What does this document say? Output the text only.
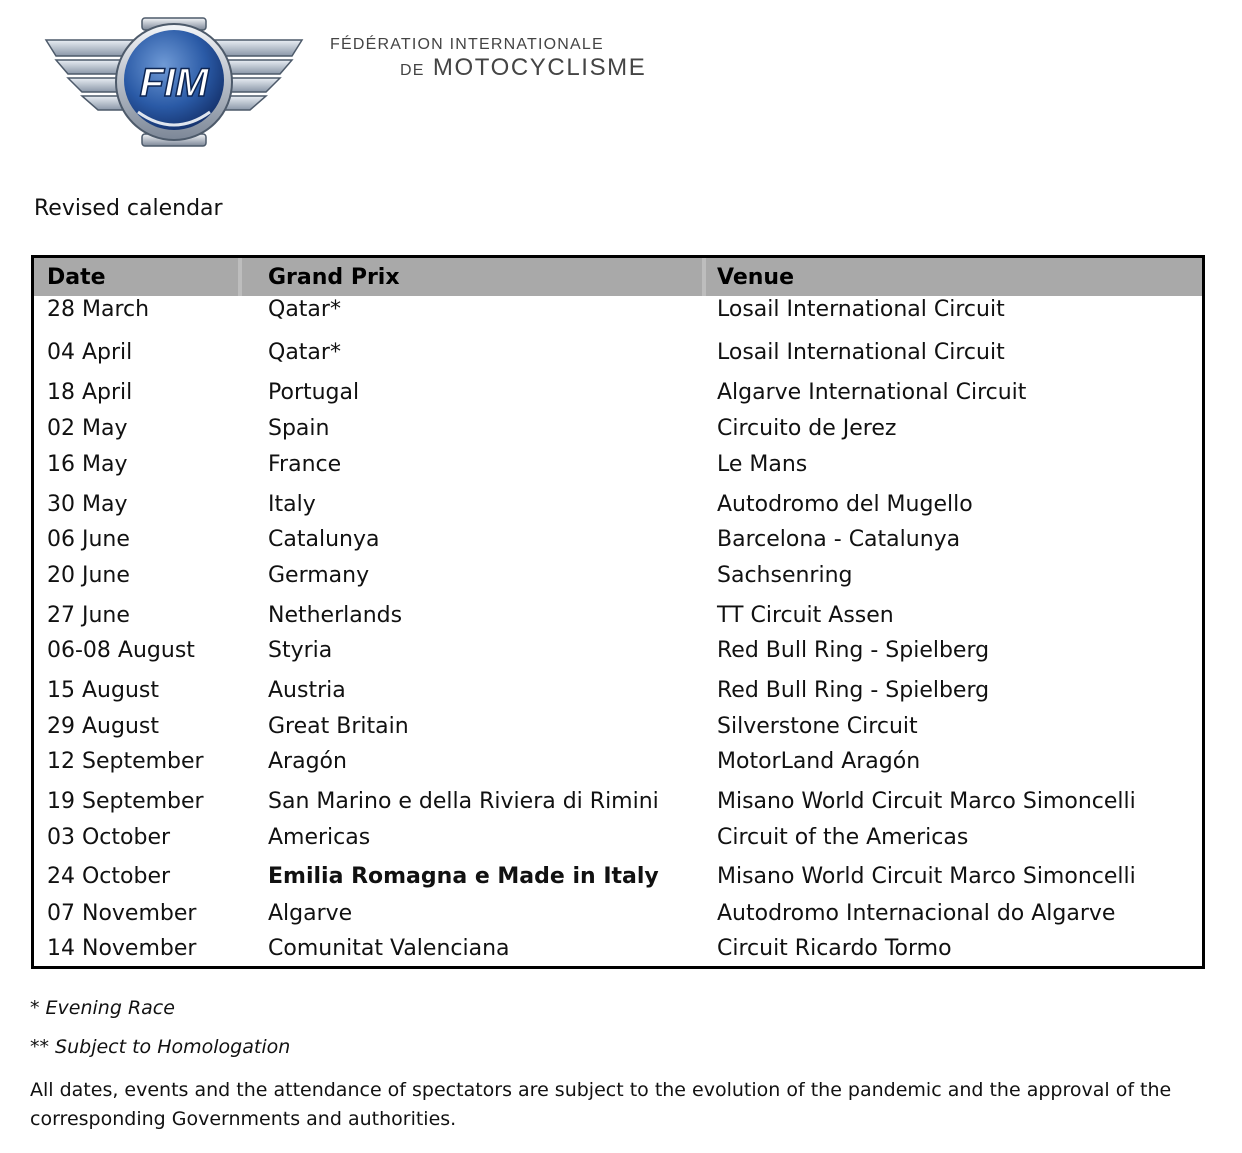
FIM
FÉDÉRATION INTERNATIONALE
DE MOTOCYCLISME
Revised calendar
Date	Grand Prix	Venue
28 March	Qatar*	Losail International Circuit
04 April	Qatar*	Losail International Circuit
18 April	Portugal	Algarve International Circuit
02 May	Spain	Circuito de Jerez
16 May	France	Le Mans
30 May	Italy	Autodromo del Mugello
06 June	Catalunya	Barcelona - Catalunya
20 June	Germany	Sachsenring
27 June	Netherlands	TT Circuit Assen
06-08 August	Styria	Red Bull Ring - Spielberg
15 August	Austria	Red Bull Ring - Spielberg
29 August	Great Britain	Silverstone Circuit
12 September	Aragón	MotorLand Aragón
19 September	San Marino e della Riviera di Rimini	Misano World Circuit Marco Simoncelli
03 October	Americas	Circuit of the Americas
24 October	Emilia Romagna e Made in Italy	Misano World Circuit Marco Simoncelli
07 November	Algarve	Autodromo Internacional do Algarve
14 November	Comunitat Valenciana	Circuit Ricardo Tormo
* Evening Race
** Subject to Homologation
All dates, events and the attendance of spectators are subject to the evolution of the pandemic and the approval of the corresponding Governments and authorities.
